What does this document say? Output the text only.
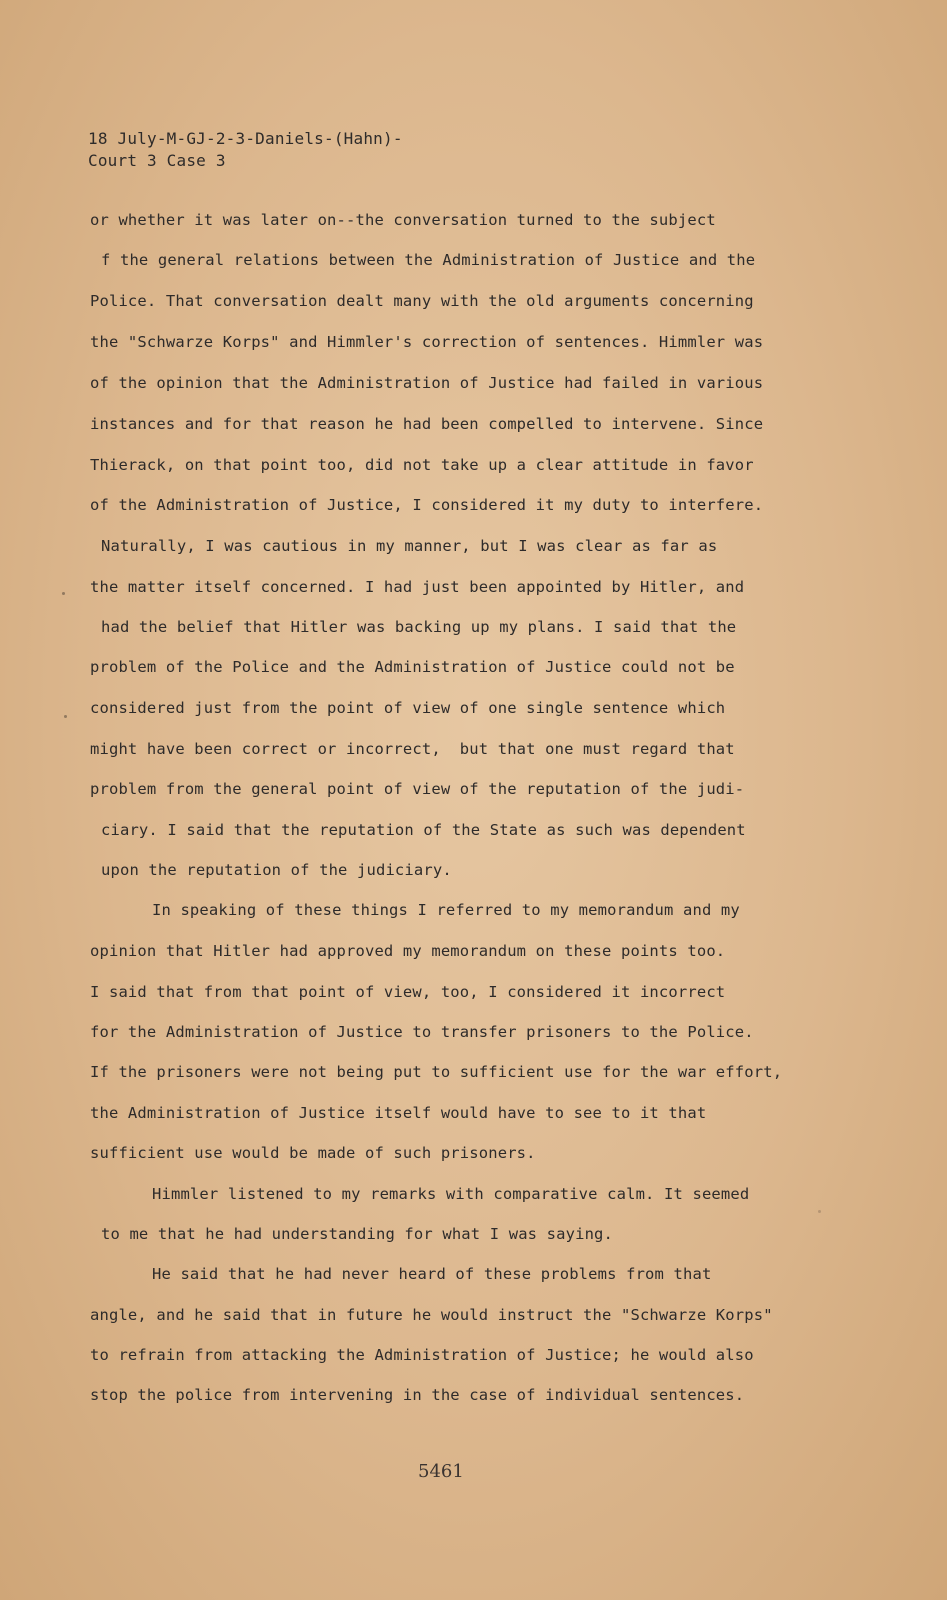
18 July-M-GJ-2-3-Daniels-(Hahn)-
Court 3 Case 3
or whether it was later on--the conversation turned to the subject
f the general relations between the Administration of Justice and the
Police. That conversation dealt many with the old arguments concerning
the "Schwarze Korps" and Himmler's correction of sentences. Himmler was
of the opinion that the Administration of Justice had failed in various
instances and for that reason he had been compelled to intervene. Since
Thierack, on that point too, did not take up a clear attitude in favor
of the Administration of Justice, I considered it my duty to interfere.
Naturally, I was cautious in my manner, but I was clear as far as
the matter itself concerned. I had just been appointed by Hitler, and
had the belief that Hitler was backing up my plans. I said that the
problem of the Police and the Administration of Justice could not be
considered just from the point of view of one single sentence which
might have been correct or incorrect,  but that one must regard that
problem from the general point of view of the reputation of the judi-
ciary. I said that the reputation of the State as such was dependent
upon the reputation of the judiciary.
In speaking of these things I referred to my memorandum and my
opinion that Hitler had approved my memorandum on these points too.
I said that from that point of view, too, I considered it incorrect
for the Administration of Justice to transfer prisoners to the Police.
If the prisoners were not being put to sufficient use for the war effort,
the Administration of Justice itself would have to see to it that
sufficient use would be made of such prisoners.
Himmler listened to my remarks with comparative calm. It seemed
to me that he had understanding for what I was saying.
He said that he had never heard of these problems from that
angle, and he said that in future he would instruct the "Schwarze Korps"
to refrain from attacking the Administration of Justice; he would also
stop the police from intervening in the case of individual sentences.
5461
